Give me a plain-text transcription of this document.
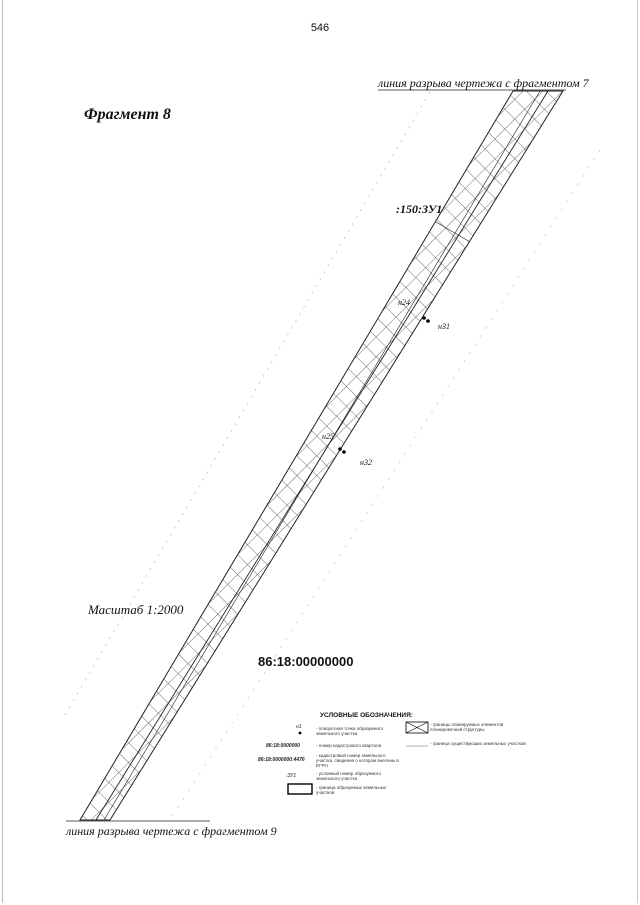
546
линия разрыва чертежа с фрагментом 7
Фрагмент 8
:150:ЗУ1
н24
н31
н25
н32
Масштаб 1:2000
86:18:00000000
УСЛОВНЫЕ ОБОЗНАЧЕНИЯ:
н1	- поворотная точка образуемого земельного участка
86:18:0000000	- номер кадастрового квартала
86:18:0000000:4476
- кадастровый номер земельного участка, сведения о котором внесены в ЕГРН
:ЗУ1	- условный номер образуемого земельного участка
- граница образуемых земельных участков
- границы планируемых элементов планировочной структуры
- граница существующих земельных участков
линия разрыва чертежа с фрагментом 9
